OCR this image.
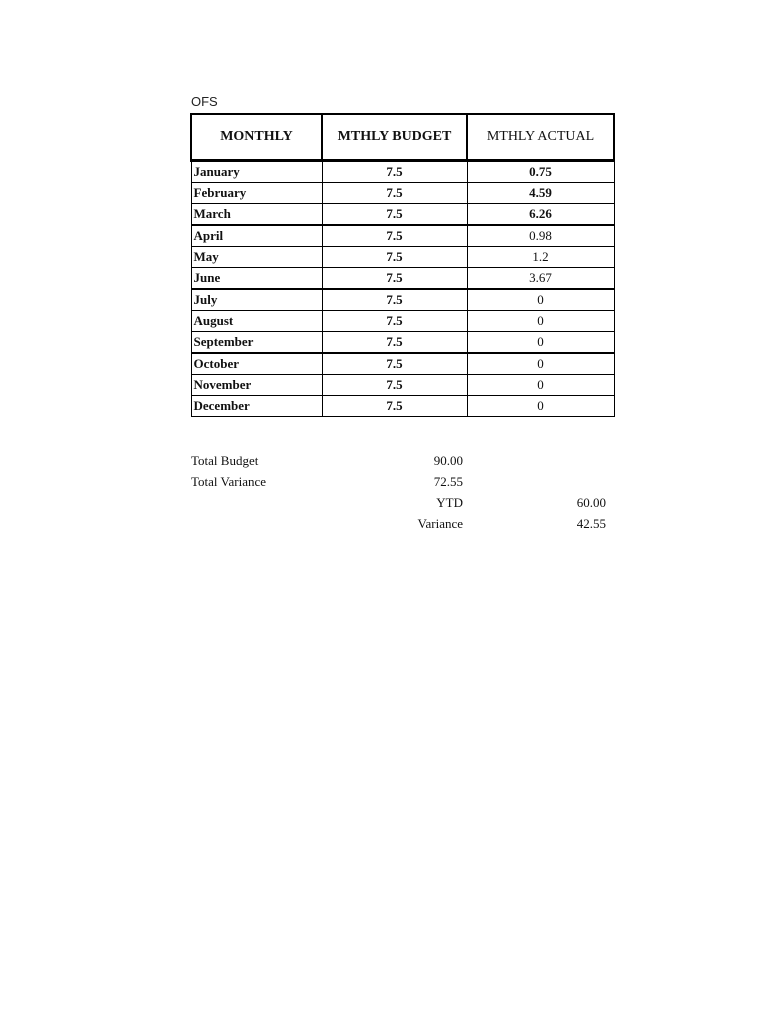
OFS
MONTHLY	MTHLY BUDGET	MTHLY ACTUAL
January	7.5	0.75
February	7.5	4.59
March	7.5	6.26
April	7.5	0.98
May	7.5	1.2
June	7.5	3.67
July	7.5	0
August	7.5	0
September	7.5	0
October	7.5	0
November	7.5	0
December	7.5	0
Total Budget	90.00
Total Variance	72.55
YTD	60.00
Variance	42.55
